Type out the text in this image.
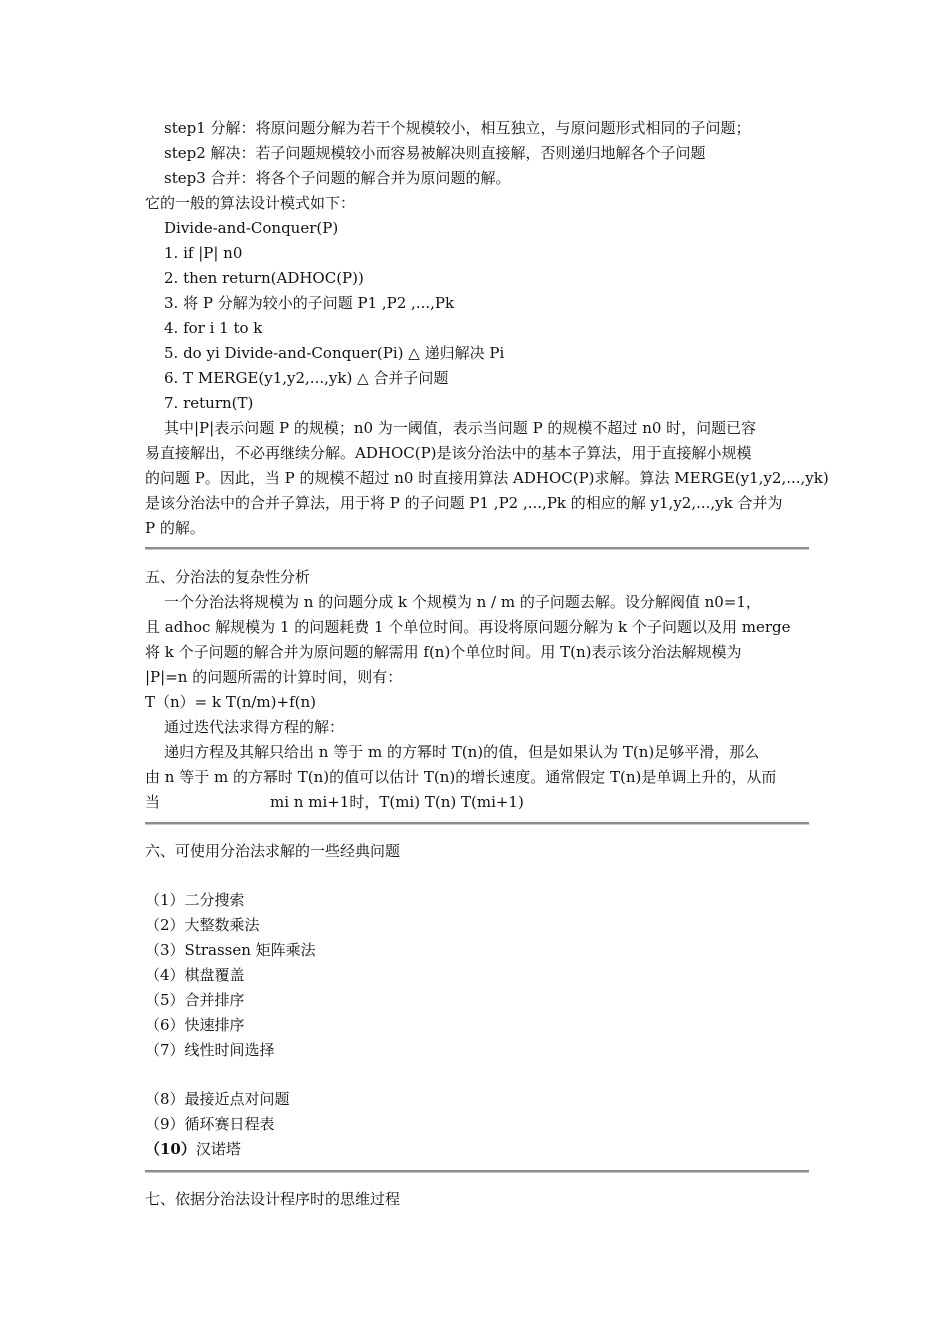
step1 分解：将原问题分解为若干个规模较小，相互独立，与原问题形式相同的子问题；
step2 解决：若子问题规模较小而容易被解决则直接解，否则递归地解各个子问题
step3 合并：将各个子问题的解合并为原问题的解。
它的一般的算法设计模式如下：
Divide-and-Conquer(P)
1. if |P| n0
2. then return(ADHOC(P))
3. 将 P 分解为较小的子问题 P1 ,P2 ,...,Pk
4. for i 1 to k
5. do yi Divide-and-Conquer(Pi) △ 递归解决 Pi
6. T MERGE(y1,y2,...,yk) △ 合并子问题
7. return(T)
其中|P|表示问题 P 的规模；n0 为一阈值，表示当问题 P 的规模不超过 n0 时，问题已容
易直接解出，不必再继续分解。ADHOC(P)是该分治法中的基本子算法，用于直接解小规模
的问题 P。因此，当 P 的规模不超过 n0 时直接用算法 ADHOC(P)求解。算法 MERGE(y1,y2,...,yk)
是该分治法中的合并子算法，用于将 P 的子问题 P1 ,P2 ,...,Pk 的相应的解 y1,y2,...,yk 合并为
P 的解。
五、分治法的复杂性分析
一个分治法将规模为 n 的问题分成 k 个规模为 n / m 的子问题去解。设分解阀值 n0=1，
且 adhoc 解规模为 1 的问题耗费 1 个单位时间。再设将原问题分解为 k 个子问题以及用 merge
将 k 个子问题的解合并为原问题的解需用 f(n)个单位时间。用 T(n)表示该分治法解规模为
|P|=n 的问题所需的计算时间，则有：
T（n）= k T(n/m)+f(n)
通过迭代法求得方程的解：
递归方程及其解只给出 n 等于 m 的方幂时 T(n)的值，但是如果认为 T(n)足够平滑，那么
由 n 等于 m 的方幂时 T(n)的值可以估计 T(n)的增长速度。通常假定 T(n)是单调上升的，从而
当	mi n mi+1时，T(mi) T(n) T(mi+1)
六、可使用分治法求解的一些经典问题
（1）二分搜索
（2）大整数乘法
（3）Strassen 矩阵乘法
（4）棋盘覆盖
（5）合并排序
（6）快速排序
（7）线性时间选择
（8）最接近点对问题
（9）循环赛日程表
（10）汉诺塔
七、依据分治法设计程序时的思维过程
